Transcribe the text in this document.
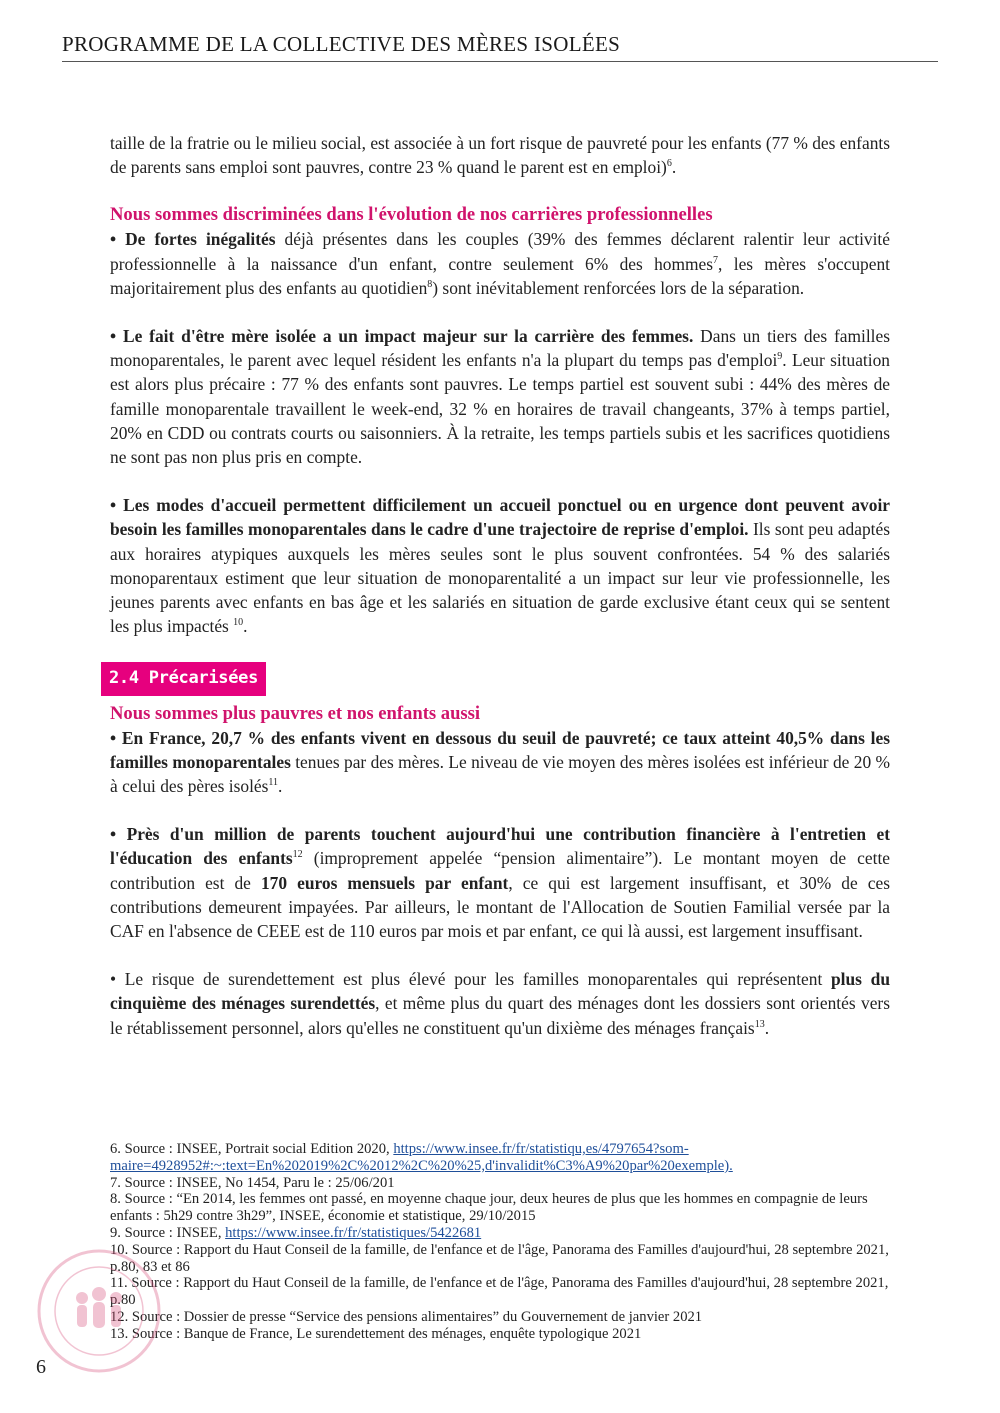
PROGRAMME DE LA COLLECTIVE DES MÈRES ISOLÉES

taille de la fratrie ou le milieu social, est associée à un fort risque de pauvreté pour les enfants (77 % des enfants de parents sans emploi sont pauvres, contre 23 % quand le parent est en emploi)$^6$.

Nous sommes discriminées dans l'évolution de nos carrières professionnelles

• De fortes inégalités déjà présentes dans les couples (39% des femmes déclarent ralentir leur activité professionnelle à la naissance d'un enfant, contre seulement 6% des hommes$^7$, les mères s'occupent majoritairement plus des enfants au quotidien$^8$) sont inévitablement renforcées lors de la séparation.

• Le fait d'être mère isolée a un impact majeur sur la carrière des femmes. Dans un tiers des familles monoparentales, le parent avec lequel résident les enfants n'a la plupart du temps pas d'emploi$^9$. Leur situation est alors plus précaire : 77 % des enfants sont pauvres. Le temps partiel est souvent subi : 44% des mères de famille monoparentale travaillent le week-end, 32 % en horaires de travail changeants, 37% à temps partiel, 20% en CDD ou contrats courts ou saisonniers. À la retraite, les temps partiels subis et les sacrifices quotidiens ne sont pas non plus pris en compte.

• Les modes d'accueil permettent difficilement un accueil ponctuel ou en urgence dont peuvent avoir besoin les familles monoparentales dans le cadre d'une trajectoire de reprise d'emploi. Ils sont peu adaptés aux horaires atypiques auxquels les mères seules sont le plus souvent confrontées. 54 % des salariés monoparentaux estiment que leur situation de monoparentalité a un impact sur leur vie professionnelle, les jeunes parents avec enfants en bas âge et les salariés en situation de garde exclusive étant ceux qui se sentent les plus impactés $^{10}$.

2.4 Précarisées
Nous sommes plus pauvres et nos enfants aussi

• En France, 20,7 % des enfants vivent en dessous du seuil de pauvreté; ce taux atteint 40,5% dans les familles monoparentales tenues par des mères. Le niveau de vie moyen des mères isolées est inférieur de 20 % à celui des pères isolés$^{11}$.

• Près d'un million de parents touchent aujourd'hui une contribution financière à l'entretien et l'éducation des enfants$^{12}$ (improprement appelée “pension alimentaire”). Le montant moyen de cette contribution est de 170 euros mensuels par enfant, ce qui est largement insuffisant, et 30% de ces contributions demeurent impayées. Par ailleurs, le montant de l'Allocation de Soutien Familial versée par la CAF en l'absence de CEEE est de 110 euros par mois et par enfant, ce qui là aussi, est largement insuffisant.

• Le risque de surendettement est plus élevé pour les familles monoparentales qui représentent plus du cinquième des ménages surendettés, et même plus du quart des ménages dont les dossiers sont orientés vers le rétablissement personnel, alors qu'elles ne constituent qu'un dixième des ménages français$^{13}$.

6. Source : INSEE, Portrait social Edition 2020, https://www.insee.fr/fr/statistiqu,es/4797654?som-maire=4928952#:~:text=En%202019%2C%2012%2C%20%25,d'invalidit%C3%A9%20par%20exemple).
7. Source : INSEE, No 1454, Paru le : 25/06/201
8. Source : “En 2014, les femmes ont passé, en moyenne chaque jour, deux heures de plus que les hommes en compagnie de leurs enfants : 5h29 contre 3h29”, INSEE, économie et statistique, 29/10/2015
9. Source : INSEE, https://www.insee.fr/fr/statistiques/5422681
10. Source : Rapport du Haut Conseil de la famille, de l'enfance et de l'âge, Panorama des Familles d'aujourd'hui, 28 septembre 2021, p.80, 83 et 86
11. Source : Rapport du Haut Conseil de la famille, de l'enfance et de l'âge, Panorama des Familles d'aujourd'hui, 28 septembre 2021, p.80
12. Source : Dossier de presse “Service des pensions alimentaires” du Gouvernement de janvier 2021
13. Source : Banque de France, Le surendettement des ménages, enquête typologique 2021
6
